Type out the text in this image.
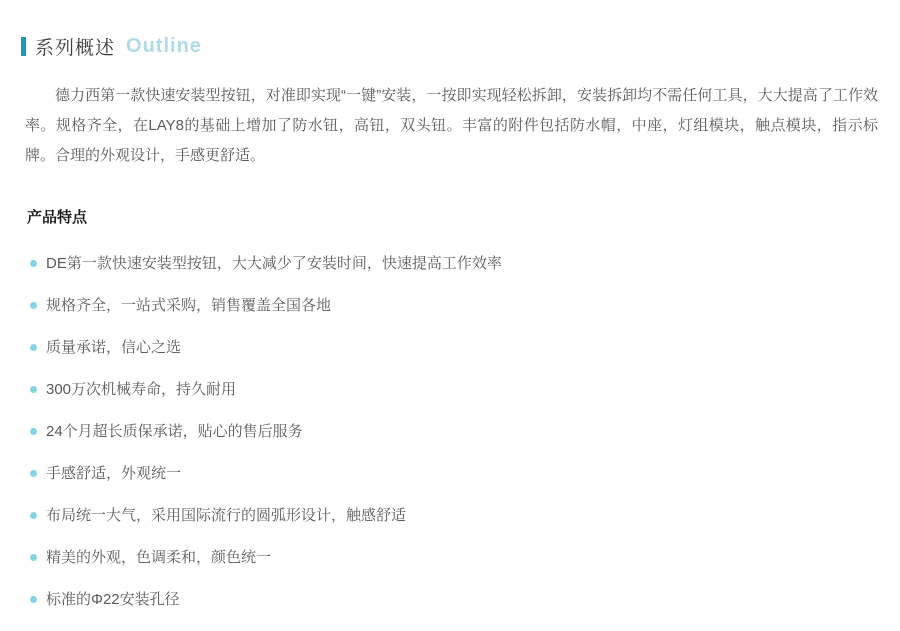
系列概述 Outline

德力西第一款快速安装型按钮，对准即实现“一键”安装，一按即实现轻松拆卸，安装拆卸均不需任何工具，大大提高了工作效率。规格齐全，在LAY8的基础上增加了防水钮，高钮，双头钮。丰富的附件包括防水帽，中座，灯组模块，触点模块，指示标牌。合理的外观设计，手感更舒适。

产品特点
DE第一款快速安装型按钮，大大减少了安装时间，快速提高工作效率
规格齐全，一站式采购，销售覆盖全国各地
质量承诺，信心之选
300万次机械寿命，持久耐用
24个月超长质保承诺，贴心的售后服务
手感舒适，外观统一
布局统一大气，采用国际流行的圆弧形设计，触感舒适
精美的外观，色调柔和，颜色统一
标准的Φ22安装孔径
